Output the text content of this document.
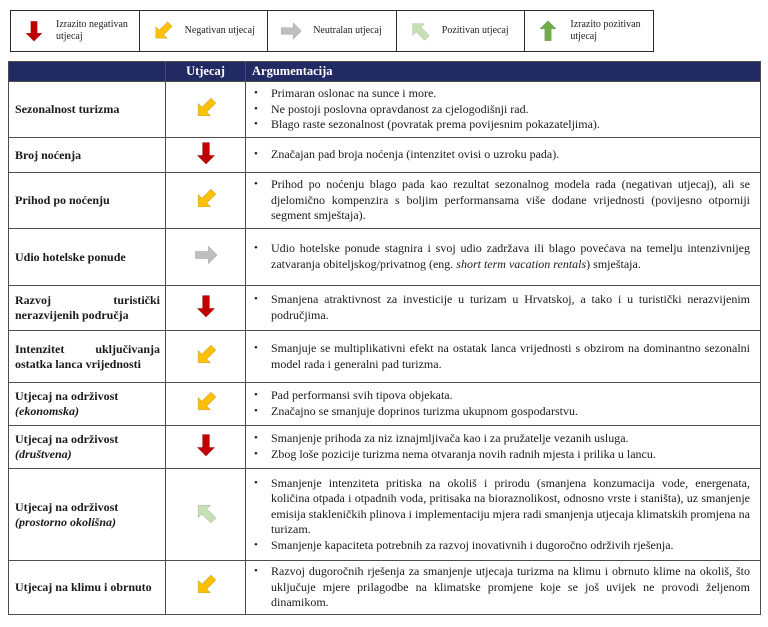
Izrazito negativan utjecaj
Negativan utjecaj	Neutralan utjecaj	Pozitivan utjecaj
Izrazito pozitivan utjecaj
	Utjecaj	Argumentacija
Sezonalnost turizma	

•	Primaran oslonac na sunce i more.
•	Ne postoji poslovna opravdanost za cjelogodišnji rad.
•	Blago raste sezonalnost (povratak prema povijesnim pokazateljima).

Broj noćenja		• Značajan pad broja noćenja (intenzitet ovisi o uzroku pada).

Prihod po noćenju		• Prihod po noćenju blago pada kao rezultat sezonalnog modela rada (negativan utjecaj), ali se djelomično kompenzira s boljim performansama više dodane vrijednosti (povijesno otporniji segment smještaja).

Udio hotelske ponude		• Udio hotelske ponude stagnira i svoj udio zadržava ili blago povećava na temelju intenzivnijeg zatvaranja obiteljskog/privatnog (eng. short term vacation rentals) smještaja.

Razvoj turistički nerazvijenih područja		• Smanjena atraktivnost za investicije u turizam u Hrvatskoj, a tako i u turistički nerazvijenim područjima.

Intenzitet uključivanja ostatka lanca vrijednosti		• Smanjuje se multiplikativni efekt na ostatak lanca vrijednosti s obzirom na dominantno sezonalni model rada i generalni pad turizma.

Utjecaj na održivost
(ekonomska)

•	Pad performansi svih tipova objekata.
•	Značajno se smanjuje doprinos turizma ukupnom gospodarstvu.

Utjecaj na održivost
(društvena)

•	Smanjenje prihoda za niz iznajmljivača kao i za pružatelje vezanih usluga.
•	Zbog loše pozicije turizma nema otvaranja novih radnih mjesta i prilika u lancu.

Utjecaj na održivost
(prostorno okolišna)

•	Smanjenje intenziteta pritiska na okoliš i prirodu (smanjena konzumacija vode, energenata, količina otpada i otpadnih voda, pritisaka na bioraznolikost, odnosno vrste i staništa), uz smanjenje emisija stakleničkih plinova i implementaciju mjera radi smanjenja utjecaja klimatskih promjena na turizam.
•	Smanjenje kapaciteta potrebnih za razvoj inovativnih i dugoročno održivih rješenja.

Utjecaj na klimu i obrnuto		• Razvoj dugoročnih rješenja za smanjenje utjecaja turizma na klimu i obrnuto klime na okoliš, što uključuje mjere prilagodbe na klimatske promjene koje se još uvijek ne provodi željenom dinamikom.
